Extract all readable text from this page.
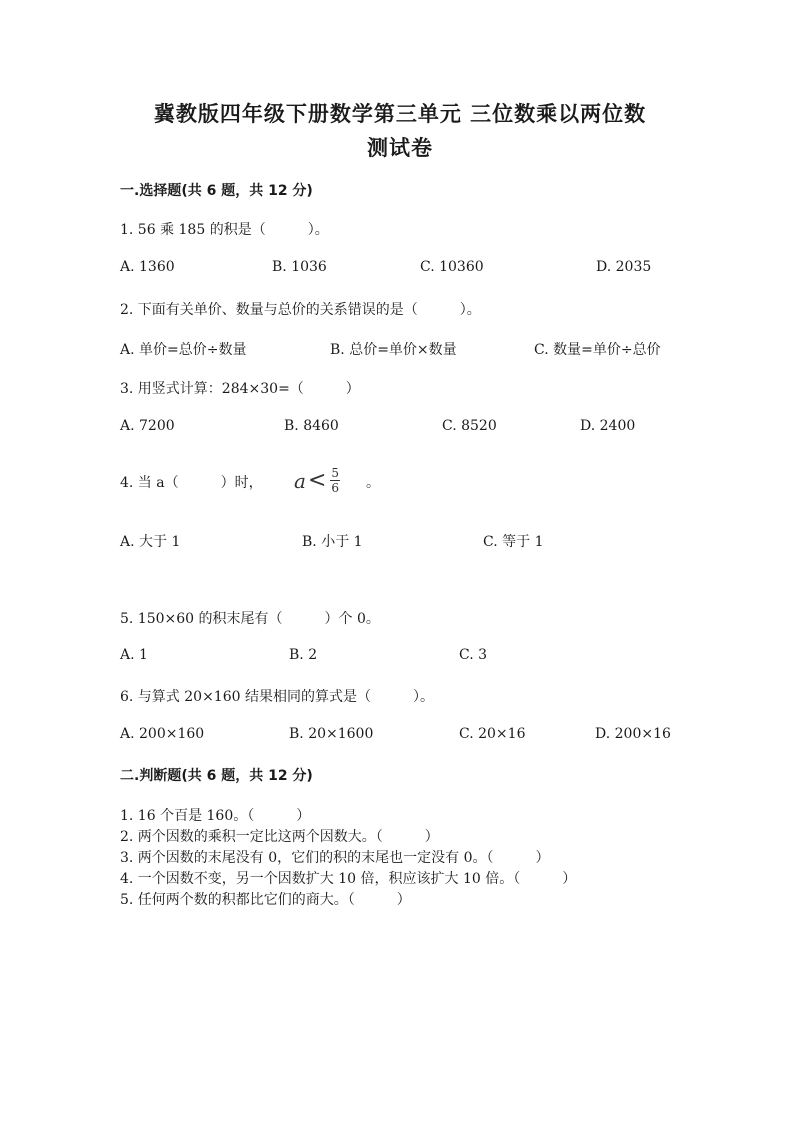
冀教版四年级下册数学第三单元 三位数乘以两位数
测试卷
一.选择题(共 6 题，共 12 分)
1. 56 乘 185 的积是（　　　）。
A. 1360	B. 1036	C. 10360	D. 2035
2. 下面有关单价、数量与总价的关系错误的是（　　　）。
A. 单价=总价÷数量	B. 总价=单价×数量	C. 数量=单价÷总价
3. 用竖式计算：284×30=（　　　）
A. 7200	B. 8460	C. 8520	D. 2400
4. 当 a（　　　）时， $a < \frac{5}{6}$ 。
A. 大于 1	B. 小于 1	C. 等于 1
5. 150×60 的积末尾有（　　　）个 0。
A. 1	B. 2	C. 3
6. 与算式 20×160 结果相同的算式是（　　　）。
A. 200×160	B. 20×1600	C. 20×16	D. 200×16
二.判断题(共 6 题，共 12 分)
1. 16 个百是 160。（　　　）
2. 两个因数的乘积一定比这两个因数大。（　　　）
3. 两个因数的末尾没有 0，它们的积的末尾也一定没有 0。（　　　）
4. 一个因数不变，另一个因数扩大 10 倍，积应该扩大 10 倍。（　　　）
5. 任何两个数的积都比它们的商大。（　　　）
